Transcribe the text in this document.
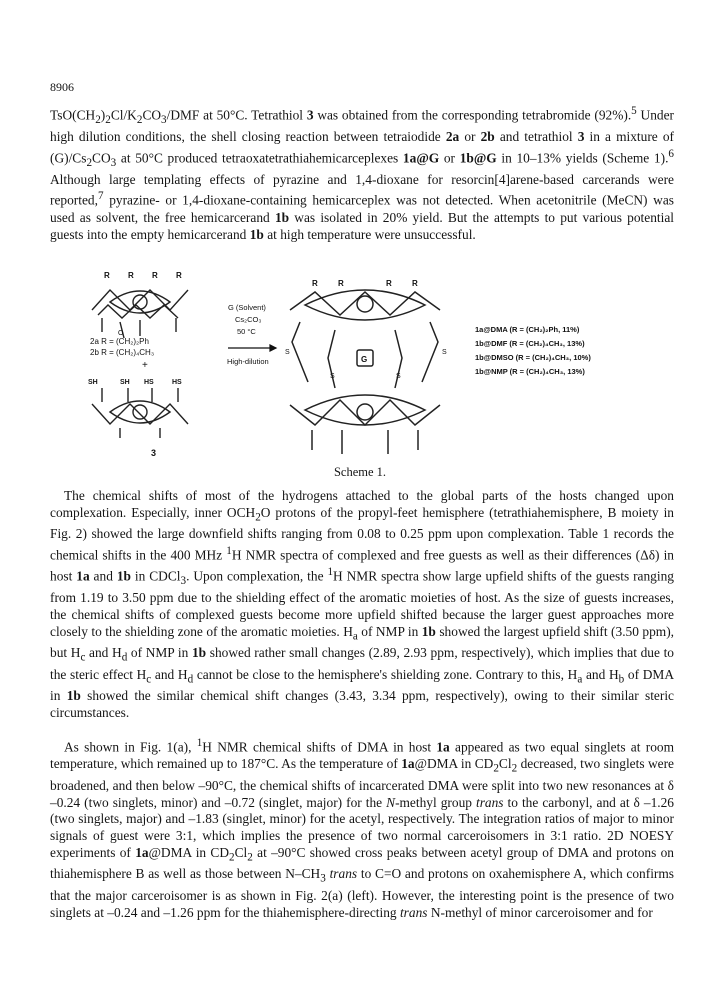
8906

$TsO(CH_2)_2Cl/K_2CO_3$/DMF at 50°C. Tetrathiol 3 was obtained from the corresponding tetrabromide (92%).$^5$ Under high dilution conditions, the shell closing reaction between tetraiodide 2a or 2b and tetrathiol 3 in a mixture of $(G)/Cs_2CO_3$ at 50°C produced tetraoxatetrathiahemicarceplexes 1a@G or 1b@G in 10–13% yields (Scheme 1).$^6$ Although large templating effects of pyrazine and 1,4-dioxane for resorcin[4]arene-based carcerands were reported,$^7$ pyrazine- or 1,4-dioxane-containing hemicarceplex was not detected. When acetonitrile (MeCN) was used as solvent, the free hemicarcerand 1b was isolated in 20% yield. But the attempts to put various potential guests into the empty hemicarcerand 1b at high temperature were unsuccessful.

R R R R
O
2a R = (CH₂)₂Ph
2b R = (CH₂)₄CH₃
+
SH	SH HS	HS
3
G (Solvent)
Cs₂CO₃
50 °C
High-dilution
R	R	R	R
G
S
S	S
S
1a@DMA (R = (CH₂)₂Ph, 11%)
1b@DMF (R = (CH₂)₄CH₃, 13%)
1b@DMSO (R = (CH₂)₄CH₃, 10%)
1b@NMP (R = (CH₂)₄CH₃, 13%)
Scheme 1.

The chemical shifts of most of the hydrogens attached to the global parts of the hosts changed upon complexation. Especially, inner $OCH_2O$ protons of the propyl-feet hemisphere (tetrathiahemisphere, B moiety in Fig. 2) showed the large downfield shifts ranging from 0.08 to 0.25 ppm upon complexation. Table 1 records the chemical shifts in the 400 MHz $^1$H NMR spectra of complexed and free guests as well as their differences (Δδ) in host 1a and 1b in CDCl$_3$. Upon complexation, the $^1$H NMR spectra show large upfield shifts of the guests ranging from 1.19 to 3.50 ppm due to the shielding effect of the aromatic moieties of host. As the size of guests increases, the chemical shifts of complexed guests become more upfield shifted because the larger guest approaches more closely to the shielding zone of the aromatic moieties. $H_a$ of NMP in 1b showed the largest upfield shift (3.50 ppm), but $H_c$ and $H_d$ of NMP in 1b showed rather small changes (2.89, 2.93 ppm, respectively), which implies that due to the steric effect $H_c$ and $H_d$ cannot be close to the hemisphere's shielding zone. Contrary to this, $H_a$ and $H_b$ of DMA in 1b showed the similar chemical shift changes (3.43, 3.34 ppm, respectively), owing to their similar steric circumstances.

As shown in Fig. 1(a), $^1$H NMR chemical shifts of DMA in host 1a appeared as two equal singlets at room temperature, which remained up to 187°C. As the temperature of 1a@DMA in $CD_2Cl_2$ decreased, two singlets were broadened, and then below –90°C, the chemical shifts of incarcerated DMA were split into two new resonances at δ –0.24 (two singlets, minor) and –0.72 (singlet, major) for the N-methyl group trans to the carbonyl, and at δ –1.26 (two singlets, major) and –1.83 (singlet, minor) for the acetyl, respectively. The integration ratios of major to minor signals of guest were 3:1, which implies the presence of two normal carceroisomers in 3:1 ratio. 2D NOESY experiments of 1a@DMA in $CD_2Cl_2$ at –90°C showed cross peaks between acetyl group of DMA and protons on thiahemisphere B as well as those between $N-CH_3$ trans to C=O and protons on oxahemisphere A, which confirms that the major carceroisomer is as shown in Fig. 2(a) (left). However, the interesting point is the presence of two singlets at –0.24 and –1.26 ppm for the thiahemisphere-directing trans N-methyl of minor carceroisomer and for
